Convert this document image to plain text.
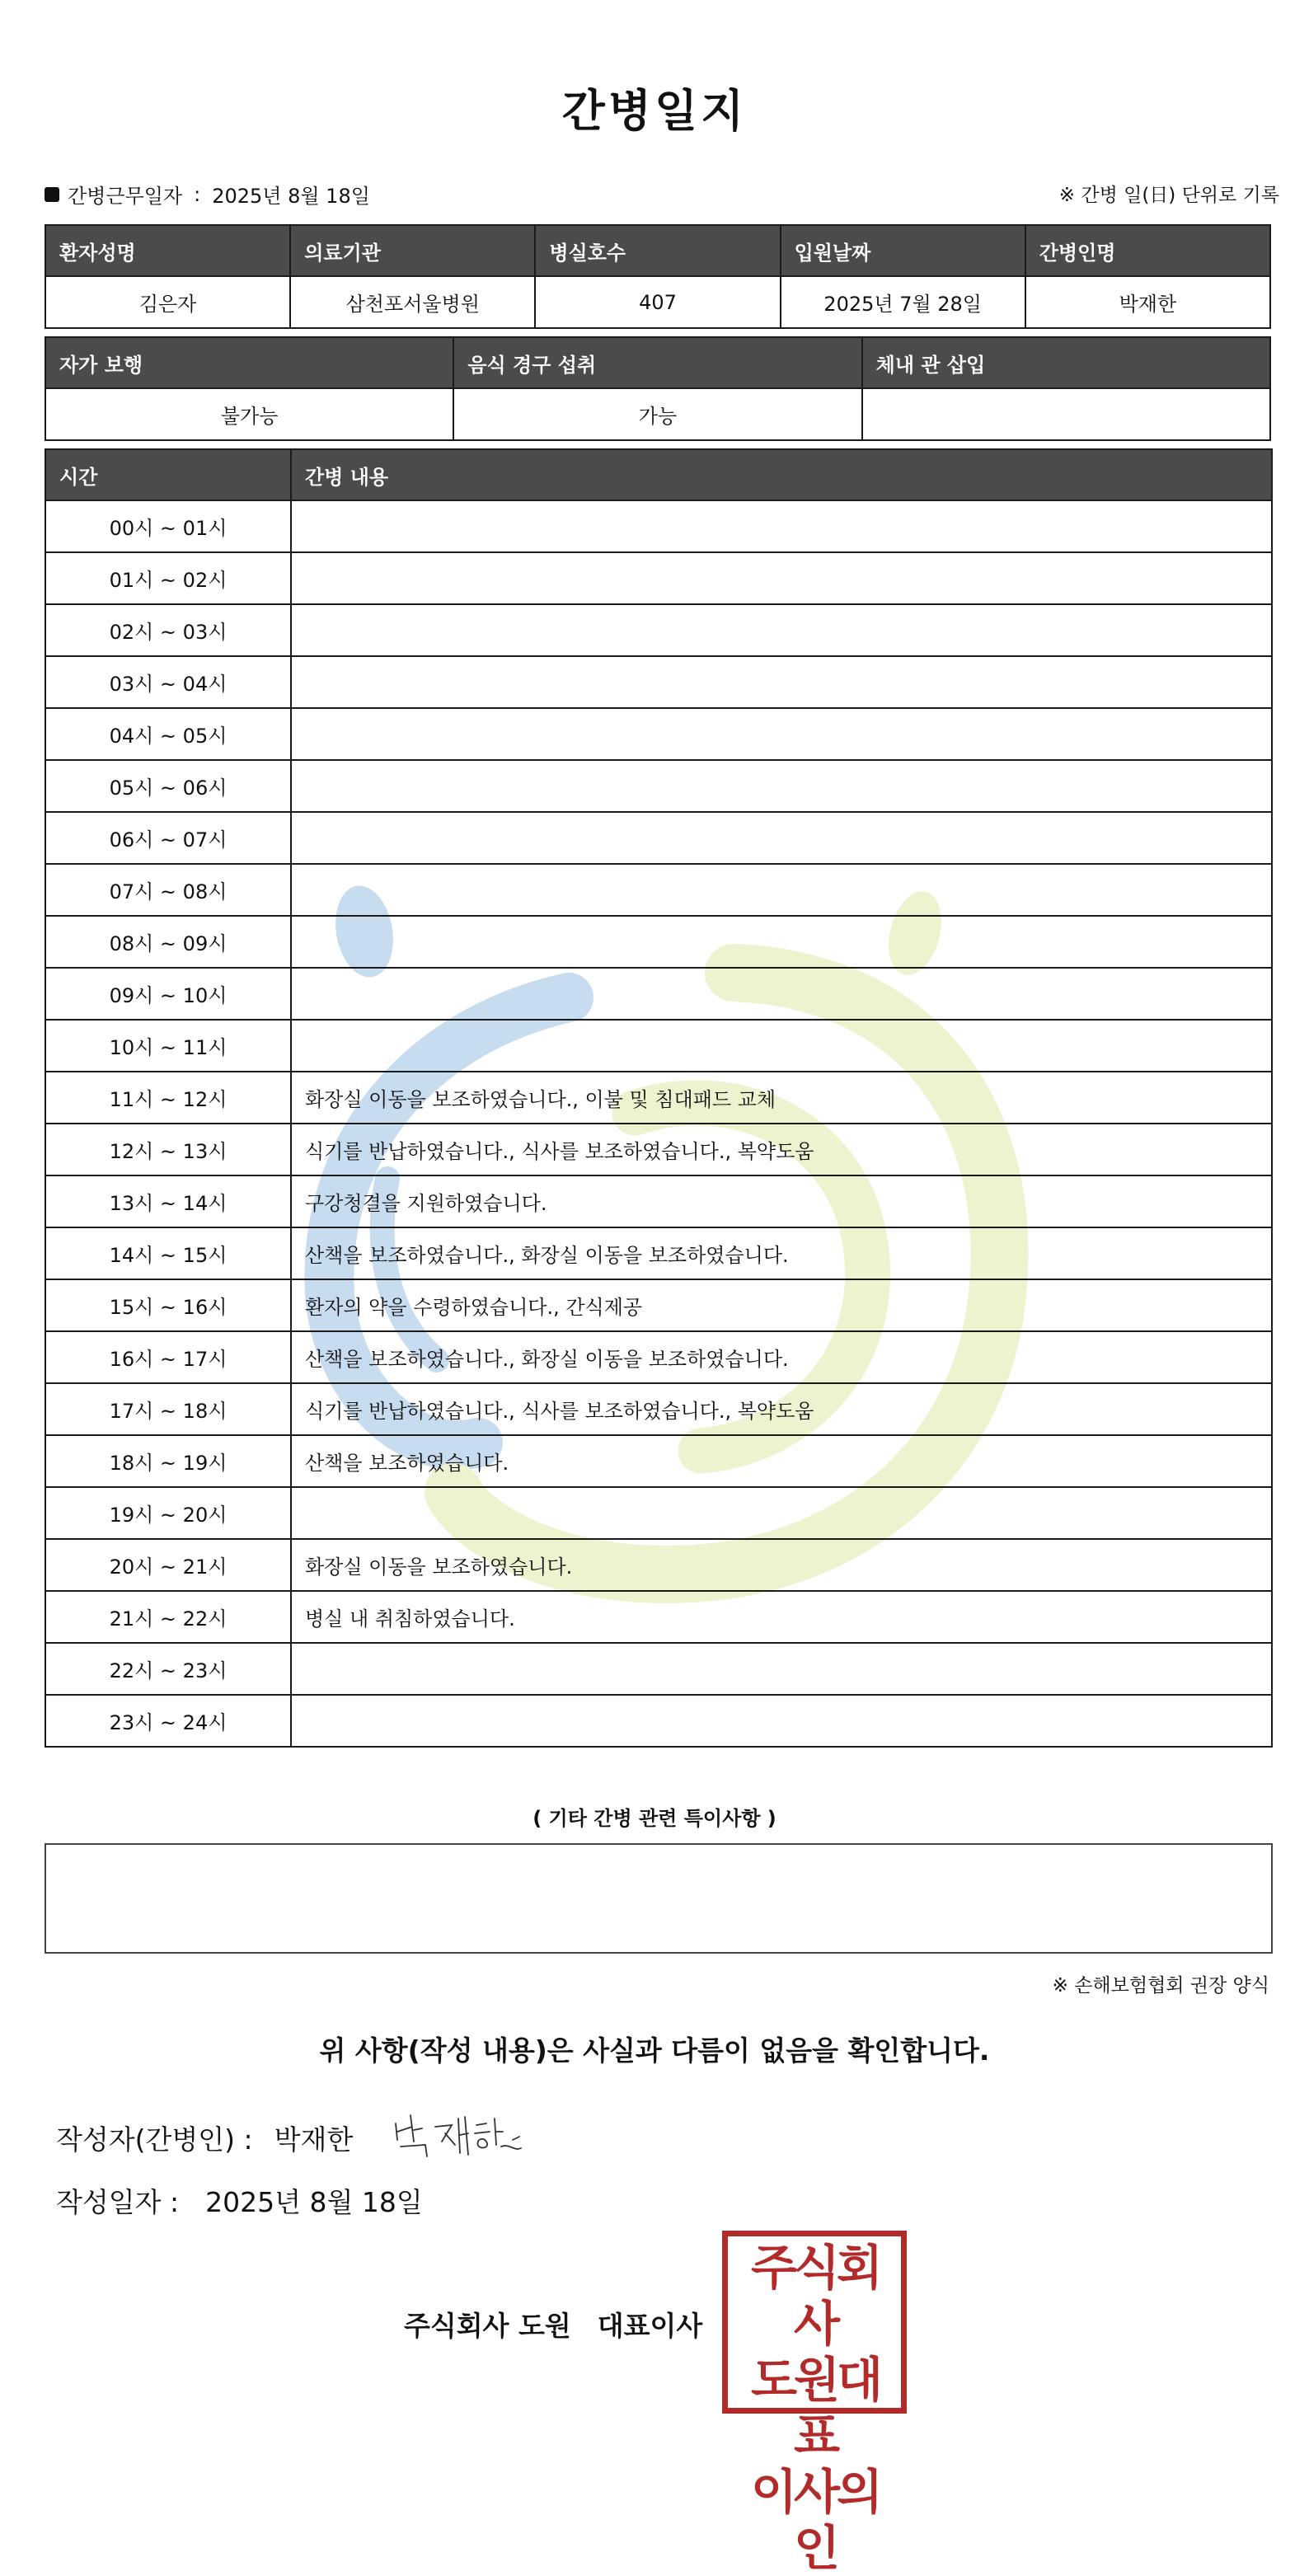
간병일지
간병근무일자 : 2025년 8월 18일	※ 간병 일(日) 단위로 기록
환자성명	의료기관	병실호수	입원날짜	간병인명
김은자	삼천포서울병원	407	2025년 7월 28일	박재한
자가 보행	음식 경구 섭취	체내 관 삽입
불가능	가능	
시간	간병 내용
00시 ~ 01시	
01시 ~ 02시	
02시 ~ 03시	
03시 ~ 04시	
04시 ~ 05시	
05시 ~ 06시	
06시 ~ 07시	
07시 ~ 08시	
08시 ~ 09시	
09시 ~ 10시	
10시 ~ 11시	
11시 ~ 12시	화장실 이동을 보조하였습니다., 이불 및 침대패드 교체
12시 ~ 13시	식기를 반납하였습니다., 식사를 보조하였습니다., 복약도움
13시 ~ 14시	구강청결을 지원하였습니다.
14시 ~ 15시	산책을 보조하였습니다., 화장실 이동을 보조하였습니다.
15시 ~ 16시	환자의 약을 수령하였습니다., 간식제공
16시 ~ 17시	산책을 보조하였습니다., 화장실 이동을 보조하였습니다.
17시 ~ 18시	식기를 반납하였습니다., 식사를 보조하였습니다., 복약도움
18시 ~ 19시	산책을 보조하였습니다.
19시 ~ 20시	
20시 ~ 21시	화장실 이동을 보조하였습니다.
21시 ~ 22시	병실 내 취침하였습니다.
22시 ~ 23시	
23시 ~ 24시	
( 기타 간병 관련 특이사항 )
※ 손해보험협회 권장 양식
위 사항(작성 내용)은 사실과 다름이 없음을 확인합니다.
작성자(간병인) : 박재한
작성일자 : 2025년 8월 18일
주식회사 도원 대표이사
주식회사
도원대표
이사의인
